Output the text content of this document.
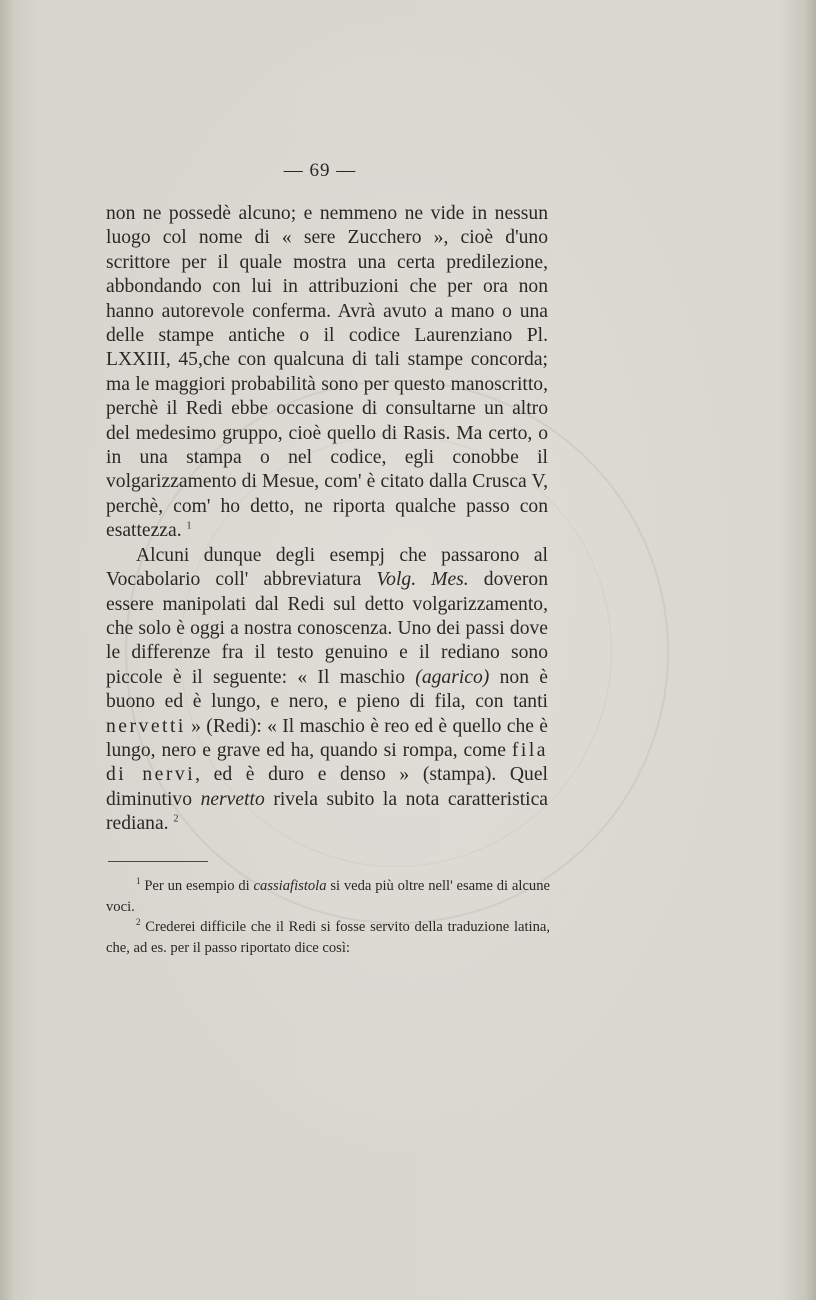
— 69 —

non ne possedè alcuno; e nemmeno ne vide in nessun luogo col nome di « sere Zucchero », cioè d'uno scrittore per il quale mostra una certa predilezione, abbondando con lui in attribuzioni che per ora non hanno autorevole conferma. Avrà avuto a mano o una delle stampe antiche o il codice Laurenziano Pl. LXXIII, 45,che con qualcuna di tali stampe concorda; ma le maggiori probabilità sono per questo manoscritto, perchè il Redi ebbe occasione di consultarne un altro del medesimo gruppo, cioè quello di Rasis. Ma certo, o in una stampa o nel codice, egli conobbe il volgarizzamento di Mesue, com' è citato dalla Crusca V, perchè, com' ho detto, ne riporta qualche passo con esattezza. $^1$

Alcuni dunque degli esempj che passarono al Vocabolario coll' abbreviatura Volg. Mes. doveron essere manipolati dal Redi sul detto volgarizzamento, che solo è oggi a nostra conoscenza. Uno dei passi dove le differenze fra il testo genuino e il rediano sono piccole è il seguente: « Il maschio (agarico) non è buono ed è lungo, e nero, e pieno di fila, con tanti nervetti » (Redi): « Il maschio è reo ed è quello che è lungo, nero e grave ed ha, quando si rompa, come fila di nervi, ed è duro e denso » (stampa). Quel diminutivo nervetto rivela subito la nota caratteristica rediana. $^2$

$^1$ Per un esempio di cassiafistola si veda più oltre nell' esame di alcune voci.

$^2$ Crederei difficile che il Redi si fosse servito della traduzione latina, che, ad es. per il passo riportato dice così:
